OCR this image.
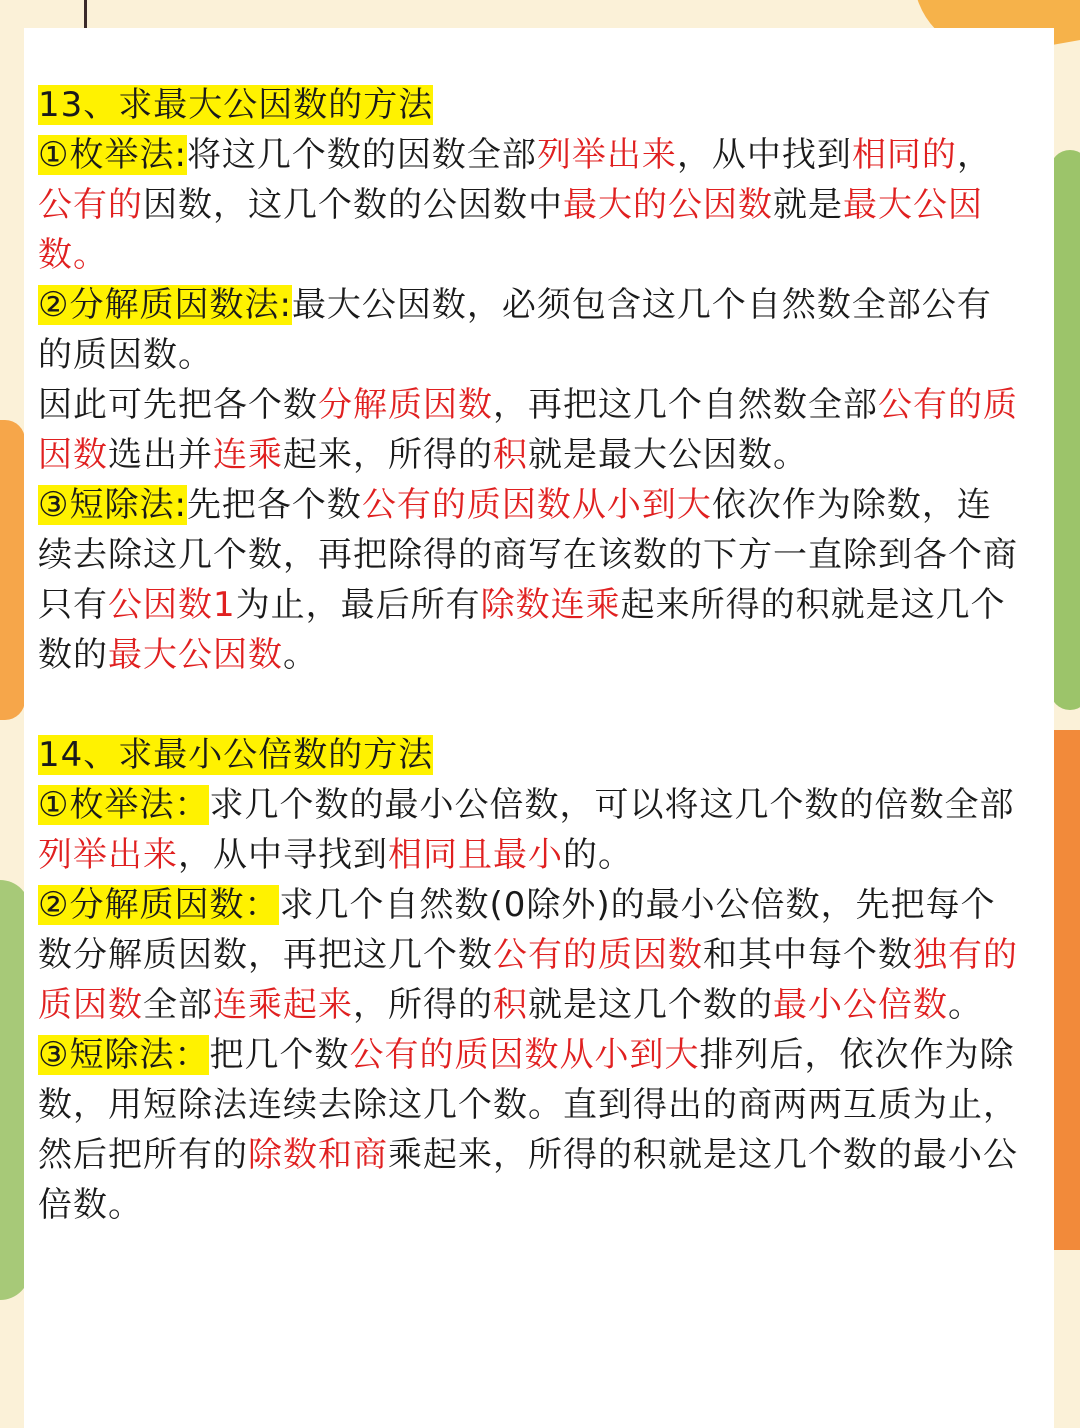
13、求最大公因数的方法
①枚举法:将这几个数的因数全部列举出来，从中找到相同的，
公有的因数，这几个数的公因数中最大的公因数就是最大公因
数。
②分解质因数法:最大公因数，必须包含这几个自然数全部公有
的质因数。
因此可先把各个数分解质因数，再把这几个自然数全部公有的质
因数选出并连乘起来，所得的积就是最大公因数。
③短除法:先把各个数公有的质因数从小到大依次作为除数，连
续去除这几个数，再把除得的商写在该数的下方一直除到各个商
只有公因数1为止，最后所有除数连乘起来所得的积就是这几个
数的最大公因数。
14、求最小公倍数的方法
①枚举法：求几个数的最小公倍数，可以将这几个数的倍数全部
列举出来，从中寻找到相同且最小的。
②分解质因数：求几个自然数(0除外)的最小公倍数，先把每个
数分解质因数，再把这几个数公有的质因数和其中每个数独有的
质因数全部连乘起来，所得的积就是这几个数的最小公倍数。
③短除法：把几个数公有的质因数从小到大排列后，依次作为除
数，用短除法连续去除这几个数。直到得出的商两两互质为止，
然后把所有的除数和商乘起来，所得的积就是这几个数的最小公
倍数。
